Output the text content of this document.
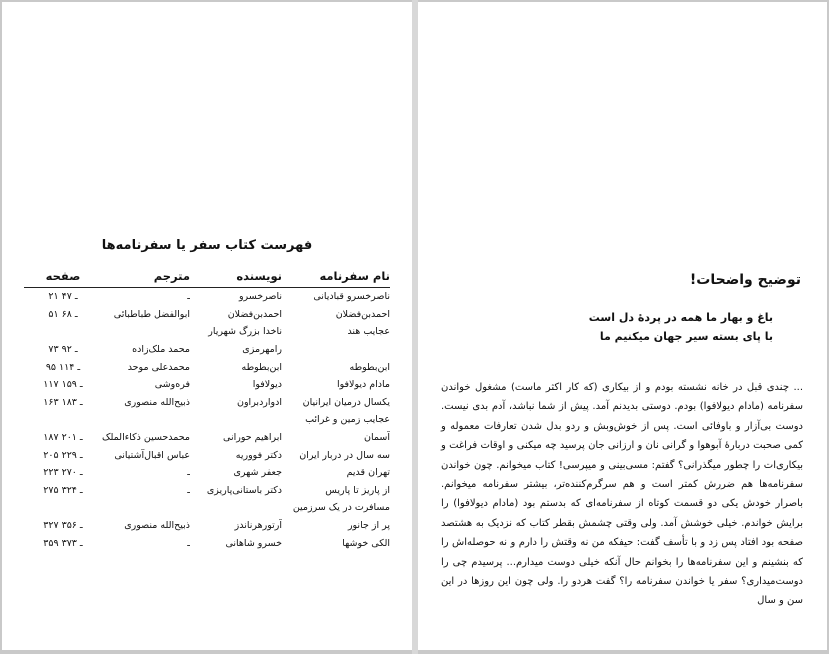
فهرست کتاب سفر یا سفرنامه‌ها
نام سفرنامه	نویسنده	مترجم	صفحه
ناصرخسرو قبادیانی	ناصرخسرو	ـ	۲۱ ـ ۴۷
احمدبن‌فضلان	احمدبن‌فضلان	ابوالفضل طباطبائی	۵۱ ـ ۶۸
عجایب هند	ناخدا بزرگ شهریار		
	رامهرمزی	محمد ملک‌زاده	۷۳ ـ ۹۲
ابن‌بطوطه	ابن‌بطوطه	محمدعلی موحد	۹۵ ـ ۱۱۴
مادام دیولافوا	دیولافوا	فره‌وشی	۱۱۷ ـ ۱۵۹
یکسال درمیان ایرانیان	ادواردبراون	ذبیح‌الله منصوری	۱۶۳ ـ ۱۸۳
عجایب زمین و غرائب			
آسمان	ابراهیم حورانی	محمدحسین ذکاءالملک	۱۸۷ ـ ۲۰۱
سه سال در دربار ایران	دکتر فووریه	عباس اقبال‌آشتیانی	۲۰۵ ـ ۲۲۹
تهران قدیم	جعفر شهری	ـ	۲۲۳ ـ ۲۷۰
از پاریز تا پاریس	دکتر باستانی‌پاریزی	ـ	۲۷۵ ـ ۳۲۴
مسافرت در یک سرزمین			
پر از جانور	آرتورهرناندز	ذبیح‌الله منصوری	۳۲۷ ـ ۳۵۶
الکی خوشها	خسرو شاهانی	ـ	۳۵۹ ـ ۳۷۳
توضیح واضحات!
باغ و بهار ما همه در پردهٔ دل است
با پای بسته سیر جهان میکنیم ما
... چندی قبل در خانه نشسته بودم و از بیکاری (که کار اکثر ماست) مشغول خواندن سفرنامه (مادام دیولافوا) بودم. دوستی بدیدنم آمد. پیش از شما نباشد، آدم بدی نیست. دوست بی‌آزار و باوفائی است. پس از خوش‌وبش و ردو بدل شدن تعارفات معموله و کمی صحبت دربارهٔ آبوهوا و گرانی نان و ارزانی جان پرسید چه میکنی و اوقات فراغت و بیکاری‌ات را چطور میگذرانی؟ گفتم: مسی‌بینی و میپرسی! کتاب میخوانم. چون خواندن سفرنامه‌ها هم ضررش کمتر است و هم سرگرم‌کننده‌تر، بیشتر سفرنامه میخوانم. باصرار خودش یکی دو قسمت کوتاه از سفرنامه‌ای که بدستم بود (مادام دیولافوا) را برایش خواندم. خیلی خوشش آمد. ولی وقتی چشمش بقطر کتاب که نزدیک به هشتصد صفحه بود افتاد پس زد و با تأسف گفت: حیفکه من نه وقتش را دارم و نه حوصله‌اش را که بنشینم و این سفرنامه‌ها را بخوانم حال آنکه خیلی دوست میدارم... پرسیدم چی را دوست‌میداری؟ سفر یا خواندن سفرنامه را؟ گفت هردو را. ولی چون این روزها در این سن و سال
